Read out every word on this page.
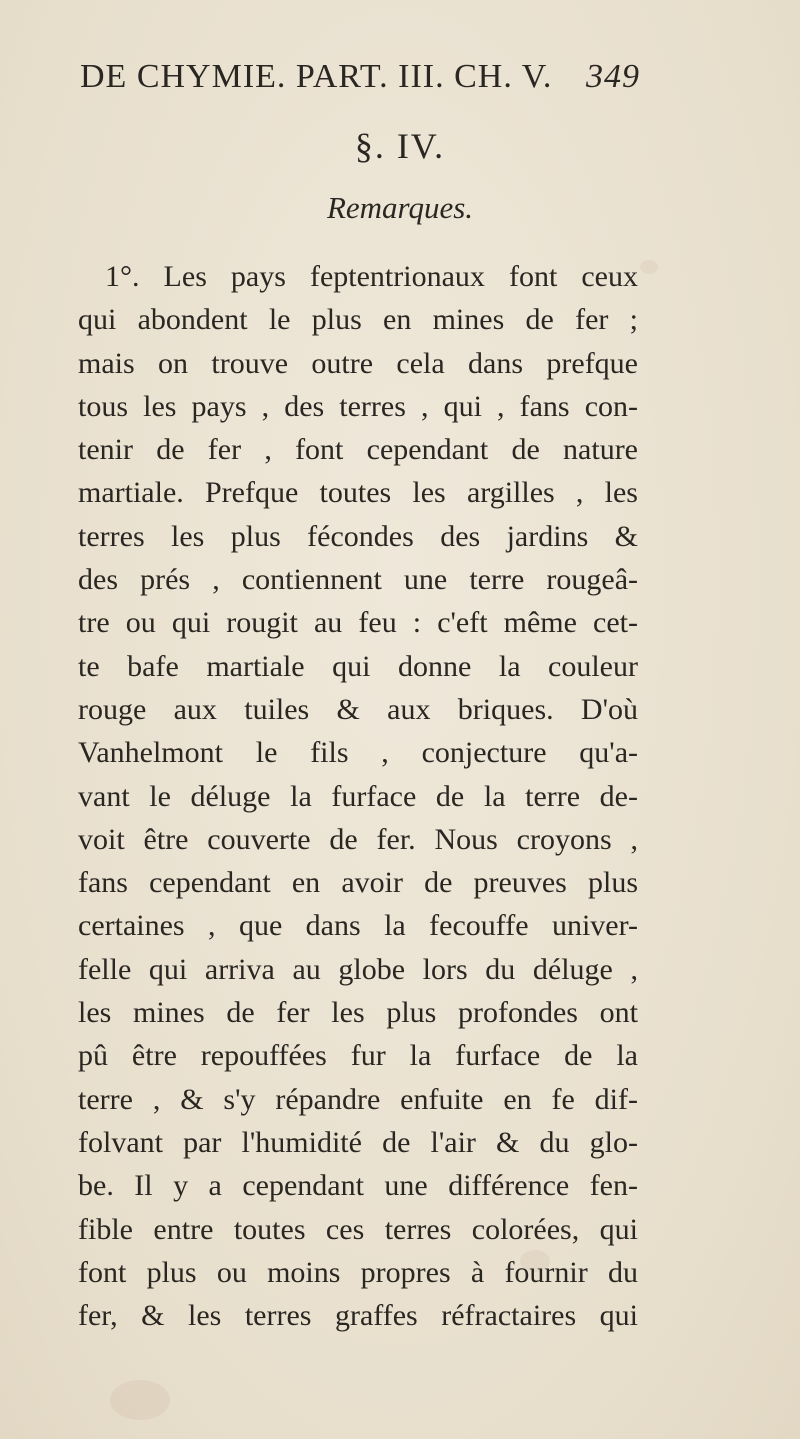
DE CHYMIE. PART. III. CH. V. 349
§. IV.
Remarques.
1°. Les pays feptentrionaux font ceux
qui abondent le plus en mines de fer ;
mais on trouve outre cela dans prefque
tous les pays , des terres , qui , fans con-
tenir de fer , font cependant de nature
martiale. Prefque toutes les argilles , les
terres les plus fécondes des jardins &
des prés , contiennent une terre rougeâ-
tre ou qui rougit au feu : c'eft même cet-
te bafe martiale qui donne la couleur
rouge aux tuiles & aux briques. D'où
Vanhelmont le fils , conjecture qu'a-
vant le déluge la furface de la terre de-
voit être couverte de fer. Nous croyons ,
fans cependant en avoir de preuves plus
certaines , que dans la fecouffe univer-
felle qui arriva au globe lors du déluge ,
les mines de fer les plus profondes ont
pû être repouffées fur la furface de la
terre , & s'y répandre enfuite en fe dif-
folvant par l'humidité de l'air & du glo-
be. Il y a cependant une différence fen-
fible entre toutes ces terres colorées, qui
font plus ou moins propres à fournir du
fer, & les terres graffes réfractaires qui
